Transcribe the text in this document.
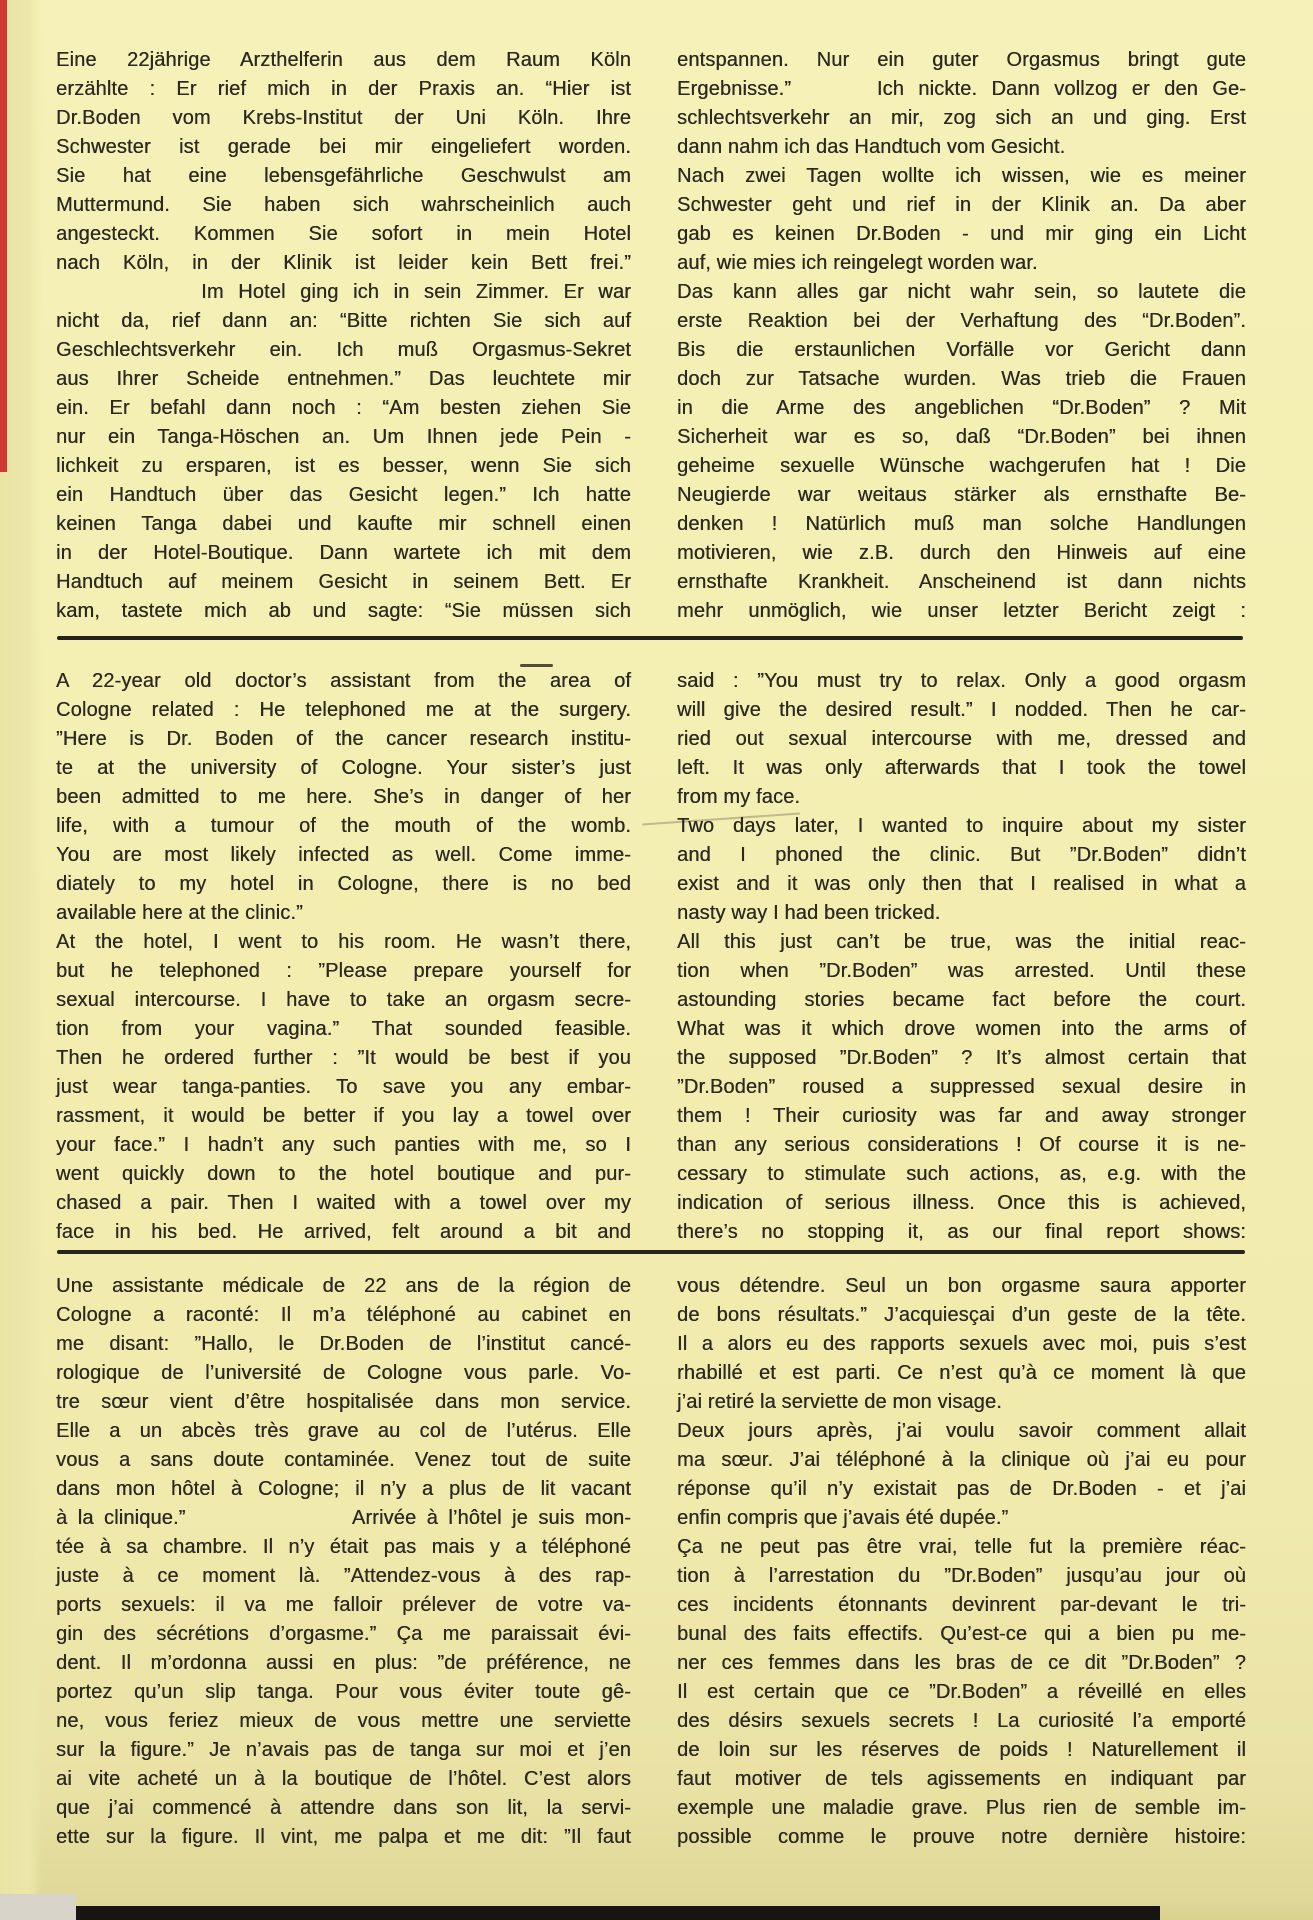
Eine 22jährige Arzthelferin aus dem Raum Köln
erzählte : Er rief mich in der Praxis an. “Hier ist
Dr.Boden vom Krebs-Institut der Uni Köln. Ihre
Schwester ist gerade bei mir eingeliefert worden.
Sie hat eine lebensgefährliche Geschwulst am
Muttermund. Sie haben sich wahrscheinlich auch
angesteckt. Kommen Sie sofort in mein Hotel
nach Köln, in der Klinik ist leider kein Bett frei.”
Im Hotel ging ich in sein Zimmer. Er war
nicht da, rief dann an: “Bitte richten Sie sich auf
Geschlechtsverkehr ein. Ich muß Orgasmus-Sekret
aus Ihrer Scheide entnehmen.” Das leuchtete mir
ein. Er befahl dann noch : “Am besten ziehen Sie
nur ein Tanga-Höschen an. Um Ihnen jede Pein -
lichkeit zu ersparen, ist es besser, wenn Sie sich
ein Handtuch über das Gesicht legen.” Ich hatte
keinen Tanga dabei und kaufte mir schnell einen
in der Hotel-Boutique. Dann wartete ich mit dem
Handtuch auf meinem Gesicht in seinem Bett. Er
kam, tastete mich ab und sagte: “Sie müssen sich
entspannen. Nur ein guter Orgasmus bringt gute
Ergebnisse.”      Ich nickte. Dann vollzog er den Ge-
schlechtsverkehr an mir, zog sich an und ging. Erst
dann nahm ich das Handtuch vom Gesicht.
Nach zwei Tagen wollte ich wissen, wie es meiner
Schwester geht und rief in der Klinik an. Da aber
gab es keinen Dr.Boden - und mir ging ein Licht
auf, wie mies ich reingelegt worden war.
Das kann alles gar nicht wahr sein, so lautete die
erste Reaktion bei der Verhaftung des “Dr.Boden”.
Bis die erstaunlichen Vorfälle vor Gericht dann
doch zur Tatsache wurden. Was trieb die Frauen
in die Arme des angeblichen “Dr.Boden” ? Mit
Sicherheit war es so, daß “Dr.Boden” bei ihnen
geheime sexuelle Wünsche wachgerufen hat ! Die
Neugierde war weitaus stärker als ernsthafte Be-
denken ! Natürlich muß man solche Handlungen
motivieren, wie z.B. durch den Hinweis auf eine
ernsthafte Krankheit. Anscheinend ist dann nichts
mehr unmöglich, wie unser letzter Bericht zeigt :
A 22-year old doctor’s assistant from the area of
Cologne related : He telephoned me at the surgery.
”Here is Dr. Boden of the cancer research institu-
te at the university of Cologne. Your sister’s just
been admitted to me here. She’s in danger of her
life, with a tumour of the mouth of the womb.
You are most likely infected as well. Come imme-
diately to my hotel in Cologne, there is no bed
available here at the clinic.”
At the hotel, I went to his room. He wasn’t there,
but he telephoned : ”Please prepare yourself for
sexual intercourse. I have to take an orgasm secre-
tion from your vagina.” That sounded feasible.
Then he ordered further : ”It would be best if you
just wear tanga-panties. To save you any embar-
rassment, it would be better if you lay a towel over
your face.” I hadn’t any such panties with me, so I
went quickly down to the hotel boutique and pur-
chased a pair. Then I waited with a towel over my
face in his bed. He arrived, felt around a bit and
said : ”You must try to relax. Only a good orgasm
will give the desired result.” I nodded. Then he car-
ried out sexual intercourse with me, dressed and
left. It was only afterwards that I took the towel
from my face.
Two days later, I wanted to inquire about my sister
and I phoned the clinic. But ”Dr.Boden” didn’t
exist and it was only then that I realised in what a
nasty way I had been tricked.
All this just can’t be true, was the initial reac-
tion when ”Dr.Boden” was arrested. Until these
astounding stories became fact before the court.
What was it which drove women into the arms of
the supposed ”Dr.Boden” ? It’s almost certain that
”Dr.Boden” roused a suppressed sexual desire in
them ! Their curiosity was far and away stronger
than any serious considerations ! Of course it is ne-
cessary to stimulate such actions, as, e.g. with the
indication of serious illness. Once this is achieved,
there’s no stopping it, as our final report shows:
Une assistante médicale de 22 ans de la région de
Cologne a raconté: Il m’a téléphoné au cabinet en
me disant: ”Hallo, le Dr.Boden de l’institut cancé-
rologique de l’université de Cologne vous parle. Vo-
tre sœur vient d’être hospitalisée dans mon service.
Elle a un abcès très grave au col de l’utérus. Elle
vous a sans doute contaminée. Venez tout de suite
dans mon hôtel à Cologne; il n’y a plus de lit vacant
à la clinique.”                Arrivée à l’hôtel je suis mon-
tée à sa chambre. Il n’y était pas mais y a téléphoné
juste à ce moment là. ”Attendez-vous à des rap-
ports sexuels: il va me falloir prélever de votre va-
gin des sécrétions d’orgasme.” Ça me paraissait évi-
dent. Il m’ordonna aussi en plus: ”de préférence, ne
portez qu’un slip tanga. Pour vous éviter toute gê-
ne, vous feriez mieux de vous mettre une serviette
sur la figure.” Je n’avais pas de tanga sur moi et j’en
ai vite acheté un à la boutique de l’hôtel. C’est alors
que j’ai commencé à attendre dans son lit, la servi-
ette sur la figure. Il vint, me palpa et me dit: ”Il faut
vous détendre. Seul un bon orgasme saura apporter
de bons résultats.” J’acquiesçai d’un geste de la tête.
Il a alors eu des rapports sexuels avec moi, puis s’est
rhabillé et est parti. Ce n’est qu’à ce moment là que
j’ai retiré la serviette de mon visage.
Deux jours après, j’ai voulu savoir comment allait
ma sœur. J’ai téléphoné à la clinique où j’ai eu pour
réponse qu’il n’y existait pas de Dr.Boden - et j’ai
enfin compris que j’avais été dupée.”
Ça ne peut pas être vrai, telle fut la première réac-
tion à l’arrestation du ”Dr.Boden” jusqu’au jour où
ces incidents étonnants devinrent par-devant le tri-
bunal des faits effectifs. Qu’est-ce qui a bien pu me-
ner ces femmes dans les bras de ce dit ”Dr.Boden” ?
Il est certain que ce ”Dr.Boden” a réveillé en elles
des désirs sexuels secrets ! La curiosité l’a emporté
de loin sur les réserves de poids ! Naturellement il
faut motiver de tels agissements en indiquant par
exemple une maladie grave. Plus rien de semble im-
possible comme le prouve notre dernière histoire:
